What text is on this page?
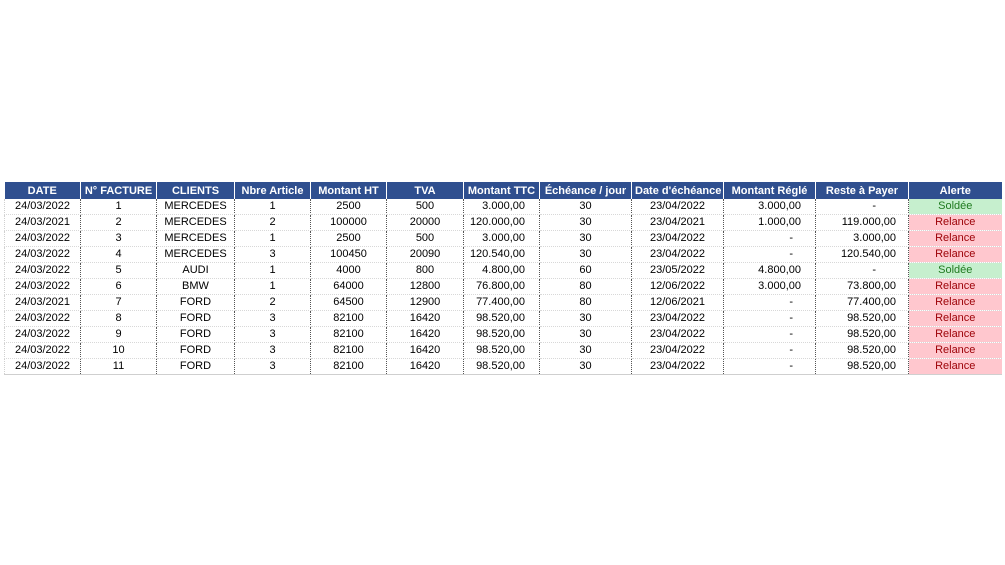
DATE	N° FACTURE	CLIENTS	Nbre Article	Montant HT	TVA	Montant TTC	Échéance / jour	Date d'échéance	Montant Réglé	Reste à Payer	Alerte
24/03/2022	1	MERCEDES	1	2500	500	3.000,00	30	23/04/2022	3.000,00	-	Soldée
24/03/2021	2	MERCEDES	2	100000	20000	120.000,00	30	23/04/2021	1.000,00	119.000,00	Relance
24/03/2022	3	MERCEDES	1	2500	500	3.000,00	30	23/04/2022	-	3.000,00	Relance
24/03/2022	4	MERCEDES	3	100450	20090	120.540,00	30	23/04/2022	-	120.540,00	Relance
24/03/2022	5	AUDI	1	4000	800	4.800,00	60	23/05/2022	4.800,00	-	Soldée
24/03/2022	6	BMW	1	64000	12800	76.800,00	80	12/06/2022	3.000,00	73.800,00	Relance
24/03/2021	7	FORD	2	64500	12900	77.400,00	80	12/06/2021	-	77.400,00	Relance
24/03/2022	8	FORD	3	82100	16420	98.520,00	30	23/04/2022	-	98.520,00	Relance
24/03/2022	9	FORD	3	82100	16420	98.520,00	30	23/04/2022	-	98.520,00	Relance
24/03/2022	10	FORD	3	82100	16420	98.520,00	30	23/04/2022	-	98.520,00	Relance
24/03/2022	11	FORD	3	82100	16420	98.520,00	30	23/04/2022	-	98.520,00	Relance
